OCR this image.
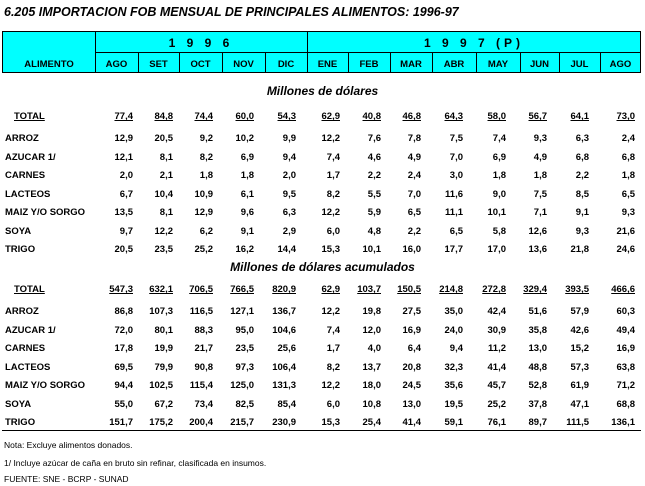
6.205 IMPORTACION FOB MENSUAL DE PRINCIPALES ALIMENTOS: 1996-97
ALIMENTO
1 9 9 6	1 9 9 7 (P)
AGO	SET	OCT	NOV	DIC	ENE	FEB	MAR	ABR	MAY	JUN	JUL	AGO
Millones de dólares
TOTAL	77,4	84,8	74,4	60,0	54,3	62,9	40,8	46,8	64,3	58,0	56,7	64,1	73,0
ARROZ	12,9	20,5	9,2	10,2	9,9	12,2	7,6	7,8	7,5	7,4	9,3	6,3	2,4
AZUCAR 1/	12,1	8,1	8,2	6,9	9,4	7,4	4,6	4,9	7,0	6,9	4,9	6,8	6,8
CARNES	2,0	2,1	1,8	1,8	2,0	1,7	2,2	2,4	3,0	1,8	1,8	2,2	1,8
LACTEOS	6,7	10,4	10,9	6,1	9,5	8,2	5,5	7,0	11,6	9,0	7,5	8,5	6,5
MAIZ Y/O SORGO	13,5	8,1	12,9	9,6	6,3	12,2	5,9	6,5	11,1	10,1	7,1	9,1	9,3
SOYA	9,7	12,2	6,2	9,1	2,9	6,0	4,8	2,2	6,5	5,8	12,6	9,3	21,6
TRIGO	20,5	23,5	25,2	16,2	14,4	15,3	10,1	16,0	17,7	17,0	13,6	21,8	24,6
Millones de dólares acumulados
TOTAL	547,3	632,1	706,5	766,5	820,9	62,9	103,7	150,5	214,8	272,8	329,4	393,5	466,6
ARROZ	86,8	107,3	116,5	127,1	136,7	12,2	19,8	27,5	35,0	42,4	51,6	57,9	60,3
AZUCAR 1/	72,0	80,1	88,3	95,0	104,6	7,4	12,0	16,9	24,0	30,9	35,8	42,6	49,4
CARNES	17,8	19,9	21,7	23,5	25,6	1,7	4,0	6,4	9,4	11,2	13,0	15,2	16,9
LACTEOS	69,5	79,9	90,8	97,3	106,4	8,2	13,7	20,8	32,3	41,4	48,8	57,3	63,8
MAIZ Y/O SORGO	94,4	102,5	115,4	125,0	131,3	12,2	18,0	24,5	35,6	45,7	52,8	61,9	71,2
SOYA	55,0	67,2	73,4	82,5	85,4	6,0	10,8	13,0	19,5	25,2	37,8	47,1	68,8
TRIGO	151,7	175,2	200,4	215,7	230,9	15,3	25,4	41,4	59,1	76,1	89,7	111,5	136,1
Nota: Excluye alimentos donados.
1/ Incluye azúcar de caña en bruto sin refinar, clasificada en insumos.
FUENTE: SNE - BCRP - SUNAD
